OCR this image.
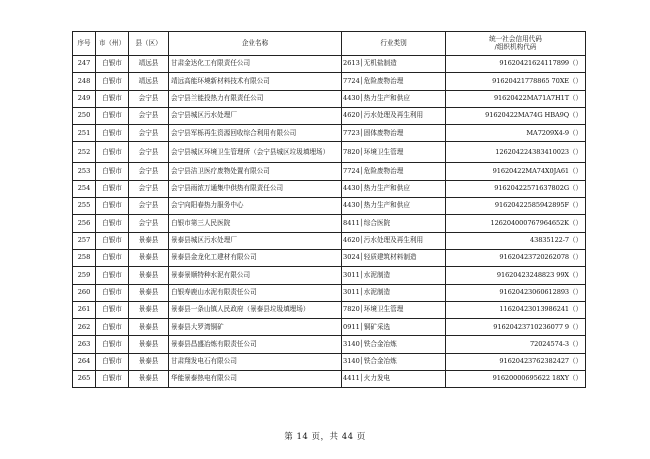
序号	市（州）	县（区）	企业名称	行业类别	统一社会信用代码
/组织机构代码

247	白银市	靖远县	甘肃金达化工有限责任公司	2613│无机盐制造	91620421624117899（）
248	白银市	靖远县	靖远高能环境新材料技术有限公司	7724│危险废物治理	91620421778865 70XE（）
249	白银市	会宁县	会宁县兰能投热力有限责任公司	4430│热力生产和供应	91620422MA71A7H1T（）
250	白银市	会宁县	会宁县城区污水处理厂	4620│污水处理及再生利用	91620422MA74G HBA9Q（）
251	白银市	会宁县	会宁县军栎再生资源回收综合利用有限公司	7723│固体废物治理	MA7209X4-9（）
252	白银市	会宁县	会宁县城区环境卫生管理所（会宁县城区垃圾填埋场）	7820│环境卫生管理	126204224383410023（）
253	白银市	会宁县	会宁县洁卫医疗废物处置有限公司	7724│危险废物治理	91620422MA74X0JA61（）
254	白银市	会宁县	会宁县雨浓万通集中供热有限责任公司	4430│热力生产和供应	91620422571637802G（）
255	白银市	会宁县	会宁向阳春热力服务中心	4430│热力生产和供应	91620422585942895F（）
256	白银市	会宁县	白银市第三人民医院	8411│综合医院	126204000767964652K（）
257	白银市	景泰县	景泰县城区污水处理厂	4620│污水处理及再生利用	43835122-7（）
258	白银市	景泰县	景泰县金龙化工建材有限公司	3024│轻质建筑材料制造	91620423720262078（）
259	白银市	景泰县	景泰景顺特种水泥有限公司	3011│水泥制造	91620423248823 99X（）
260	白银市	景泰县	白银寿鹿山水泥有限责任公司	3011│水泥制造	91620423060612893（）
261	白银市	景泰县	景泰县一条山镇人民政府（景泰县垃圾填埋场）	7820│环境卫生管理	11620423013986241（）
262	白银市	景泰县	景泰县大罗湾铜矿	0911│铜矿采选	91620423710236077 9（）
263	白银市	景泰县	景泰县昌盛冶炼有限责任公司	3140│铁合金冶炼	72024574-3（）
264	白银市	景泰县	甘肃翔发电石有限公司	3140│铁合金冶炼	91620423762382427（）
265	白银市	景泰县	华能景泰热电有限公司	4411│火力发电	91620000695622 18XY（）
第 14 页，共 44 页
